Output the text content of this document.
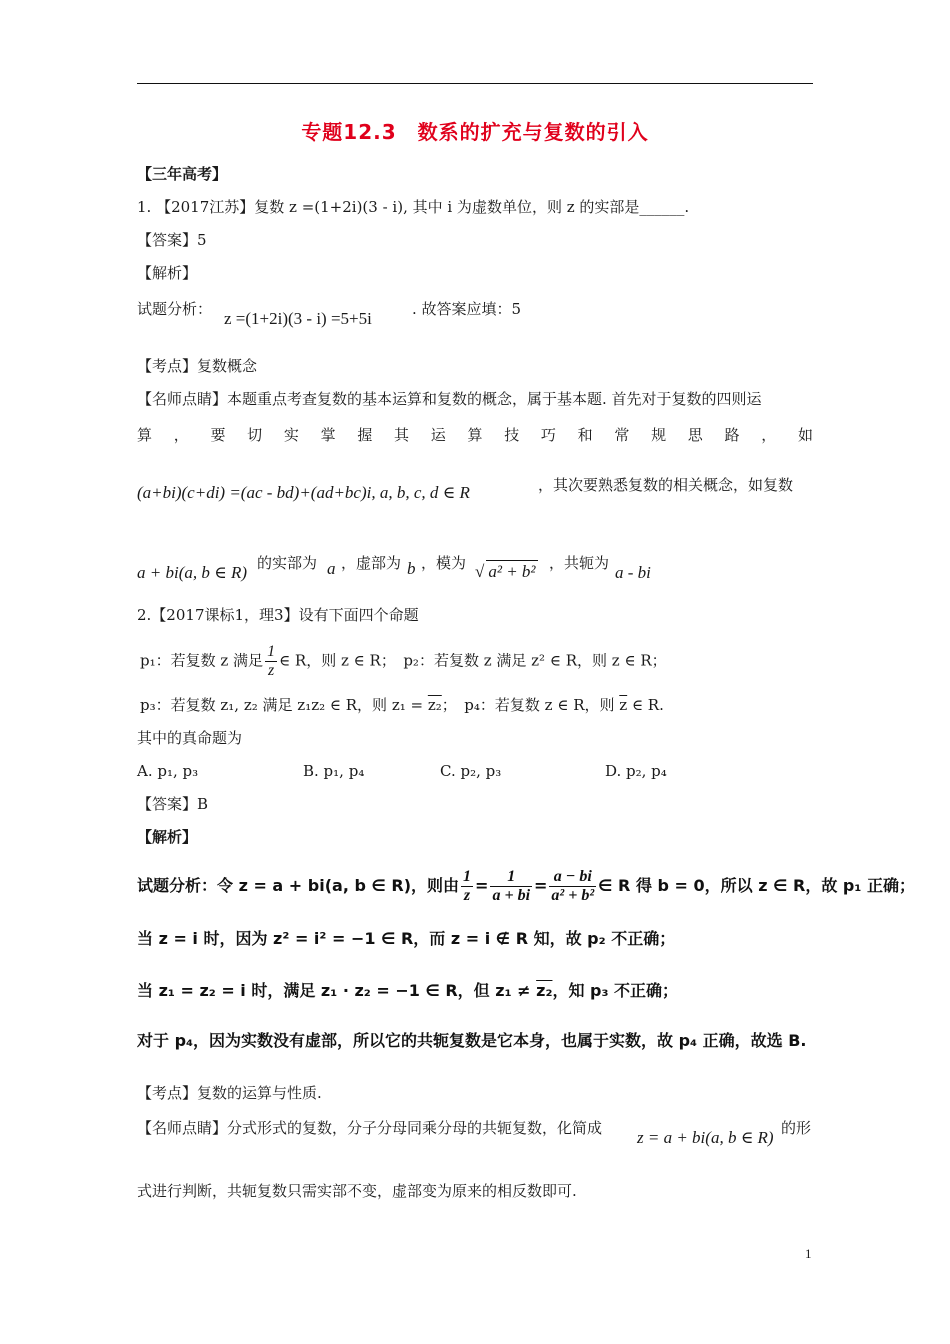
专题12.3　数系的扩充与复数的引入
【三年高考】
1. 【2017江苏】复数 z =(1+2i)(3 - i), 其中 i 为虚数单位，则 z 的实部是______.
【答案】5
【解析】
试题分析： z =(1+2i)(3 - i) =5+5i	. 故答案应填：5
【考点】复数概念
【名师点睛】本题重点考查复数的基本运算和复数的概念，属于基本题. 首先对于复数的四则运
算 ， 要 切 实 掌 握 其 运 算 技 巧 和 常 规 思 路 ， 如
(a+bi)(c+di) =(ac - bd)+(ad+bc)i, a, b, c, d ∈ R	，其次要熟悉复数的相关概念，如复数
a + bi(a, b ∈ R) 的实部为 a ，虚部为 b ，模为 √ a² + b² ，共轭为 a - bi
2.【2017课标1，理3】设有下面四个命题
p₁：若复数 z 满足 $\frac{1}{z}$ ∈ R，则 z ∈ R；　p₂：若复数 z 满足 z² ∈ R，则 z ∈ R；
p₃：若复数 z₁, z₂ 满足 z₁z₂ ∈ R，则 z₁ = z₂；　p₄：若复数 z ∈ R，则 $\overline{z}$ ∈ R.
其中的真命题为
A. p₁, p₃	B. p₁, p₄	C. p₂, p₃	D. p₂, p₄
【答案】B
【解析】
试题分析：令 z = a + bi(a, b ∈ R)，则由 $\frac{1}{z} = \frac{1}{a + bi} = \frac{a - bi}{\text{a² + b²}}$ ∈ R 得 b = 0，所以 z ∈ R，故 p₁ 正确；
当 z = i 时，因为 z² = i² = −1 ∈ R，而 z = i ∉ R 知，故 p₂ 不正确；
当 z₁ = z₂ = i 时，满足 z₁ · z₂ = −1 ∈ R，但 z₁ ≠ z₂，知 p₃ 不正确；
对于 p₄，因为实数没有虚部，所以它的共轭复数是它本身，也属于实数，故 p₄ 正确，故选 B.
【考点】复数的运算与性质.
【名师点睛】分式形式的复数，分子分母同乘分母的共轭复数，化简成 z = a + bi(a, b ∈ R) 的形
式进行判断，共轭复数只需实部不变，虚部变为原来的相反数即可.
1
